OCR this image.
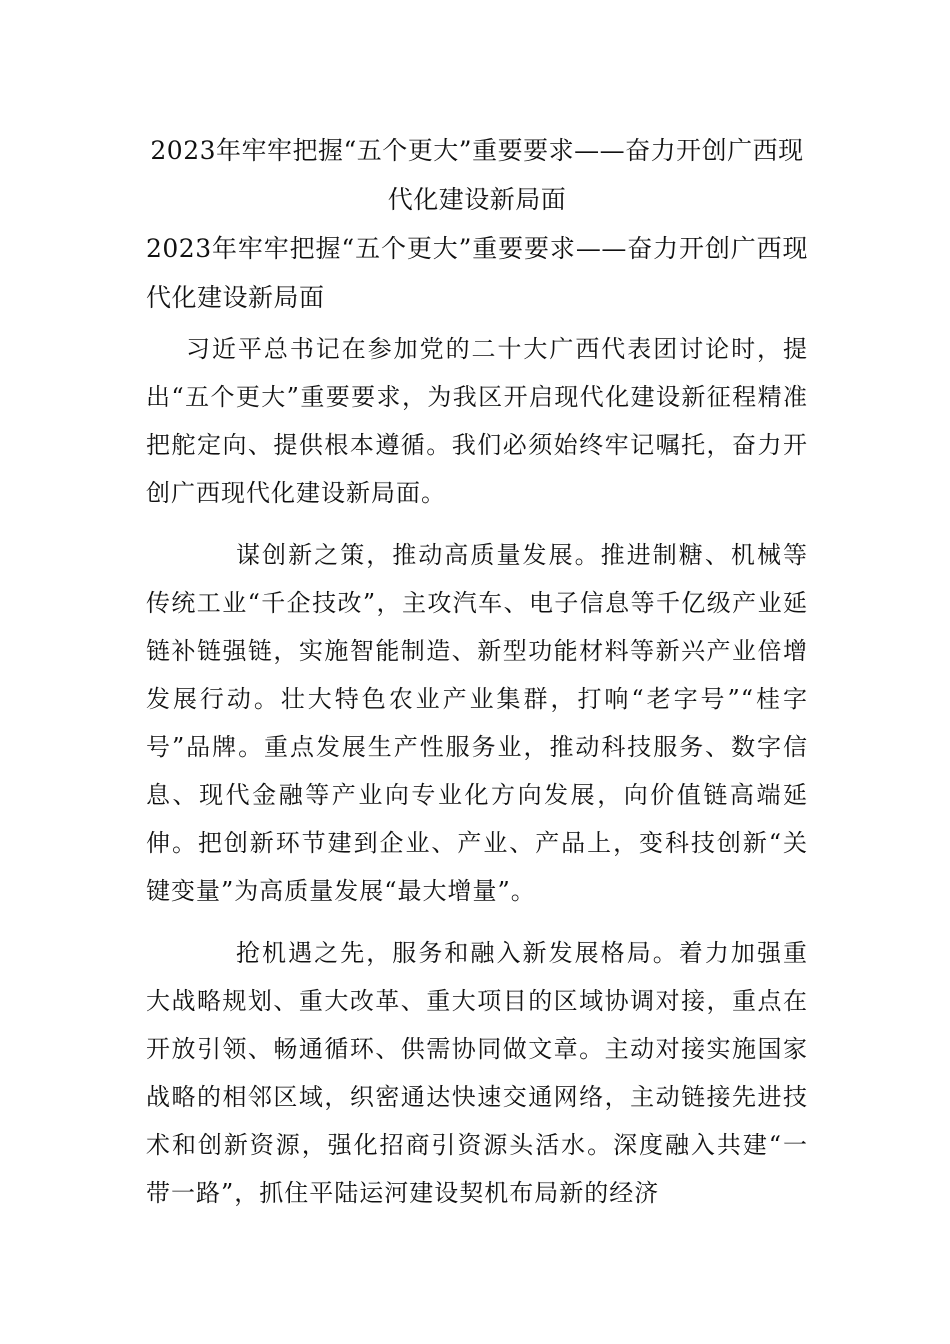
2023年牢牢把握“五个更大”重要要求——奋力开创广西现代化建设新局面
2023年牢牢把握“五个更大”重要要求——奋力开创广西现代化建设新局面

习近平总书记在参加党的二十大广西代表团讨论时，提出“五个更大”重要要求，为我区开启现代化建设新征程精准把舵定向、提供根本遵循。我们必须始终牢记嘱托，奋力开创广西现代化建设新局面。

谋创新之策，推动高质量发展。推进制糖、机械等传统工业“千企技改”，主攻汽车、电子信息等千亿级产业延链补链强链，实施智能制造、新型功能材料等新兴产业倍增发展行动。壮大特色农业产业集群，打响“老字号”“桂字号”品牌。重点发展生产性服务业，推动科技服务、数字信息、现代金融等产业向专业化方向发展，向价值链高端延伸。把创新环节建到企业、产业、产品上，变科技创新“关键变量”为高质量发展“最大增量”。

抢机遇之先，服务和融入新发展格局。着力加强重大战略规划、重大改革、重大项目的区域协调对接，重点在开放引领、畅通循环、供需协同做文章。主动对接实施国家战略的相邻区域，织密通达快速交通网络，主动链接先进技术和创新资源，强化招商引资源头活水。深度融入共建“一带一路”，抓住平陆运河建设契机布局新的经济
